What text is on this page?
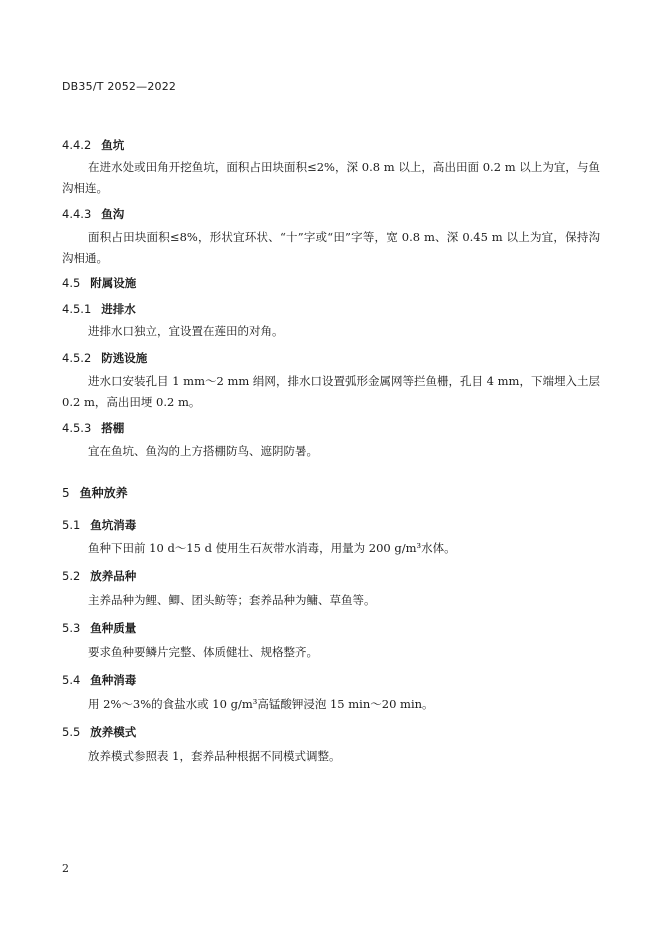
DB35/T 2052—2022
4.4.2 鱼坑
在进水处或田角开挖鱼坑，面积占田块面积≤2%，深 0.8 m 以上，高出田面 0.2 m 以上为宜，与鱼沟相连。
4.4.3 鱼沟
面积占田块面积≤8%，形状宜环状、“十”字或“田”字等，宽 0.8 m、深 0.45 m 以上为宜，保持沟沟相通。
4.5 附属设施
4.5.1 进排水
进排水口独立，宜设置在莲田的对角。
4.5.2 防逃设施
进水口安装孔目 1 mm～2 mm 绢网，排水口设置弧形金属网等拦鱼栅，孔目 4 mm，下端埋入土层 0.2 m，高出田埂 0.2 m。
4.5.3 搭棚
宜在鱼坑、鱼沟的上方搭棚防鸟、遮阴防暑。
5 鱼种放养
5.1 鱼坑消毒
鱼种下田前 10 d～15 d 使用生石灰带水消毒，用量为 200 g/m³水体。
5.2 放养品种
主养品种为鲤、鲫、团头鲂等；套养品种为鳙、草鱼等。
5.3 鱼种质量
要求鱼种要鳞片完整、体质健壮、规格整齐。
5.4 鱼种消毒
用 2%～3%的食盐水或 10 g/m³高锰酸钾浸泡 15 min～20 min。
5.5 放养模式
放养模式参照表 1，套养品种根据不同模式调整。
2
